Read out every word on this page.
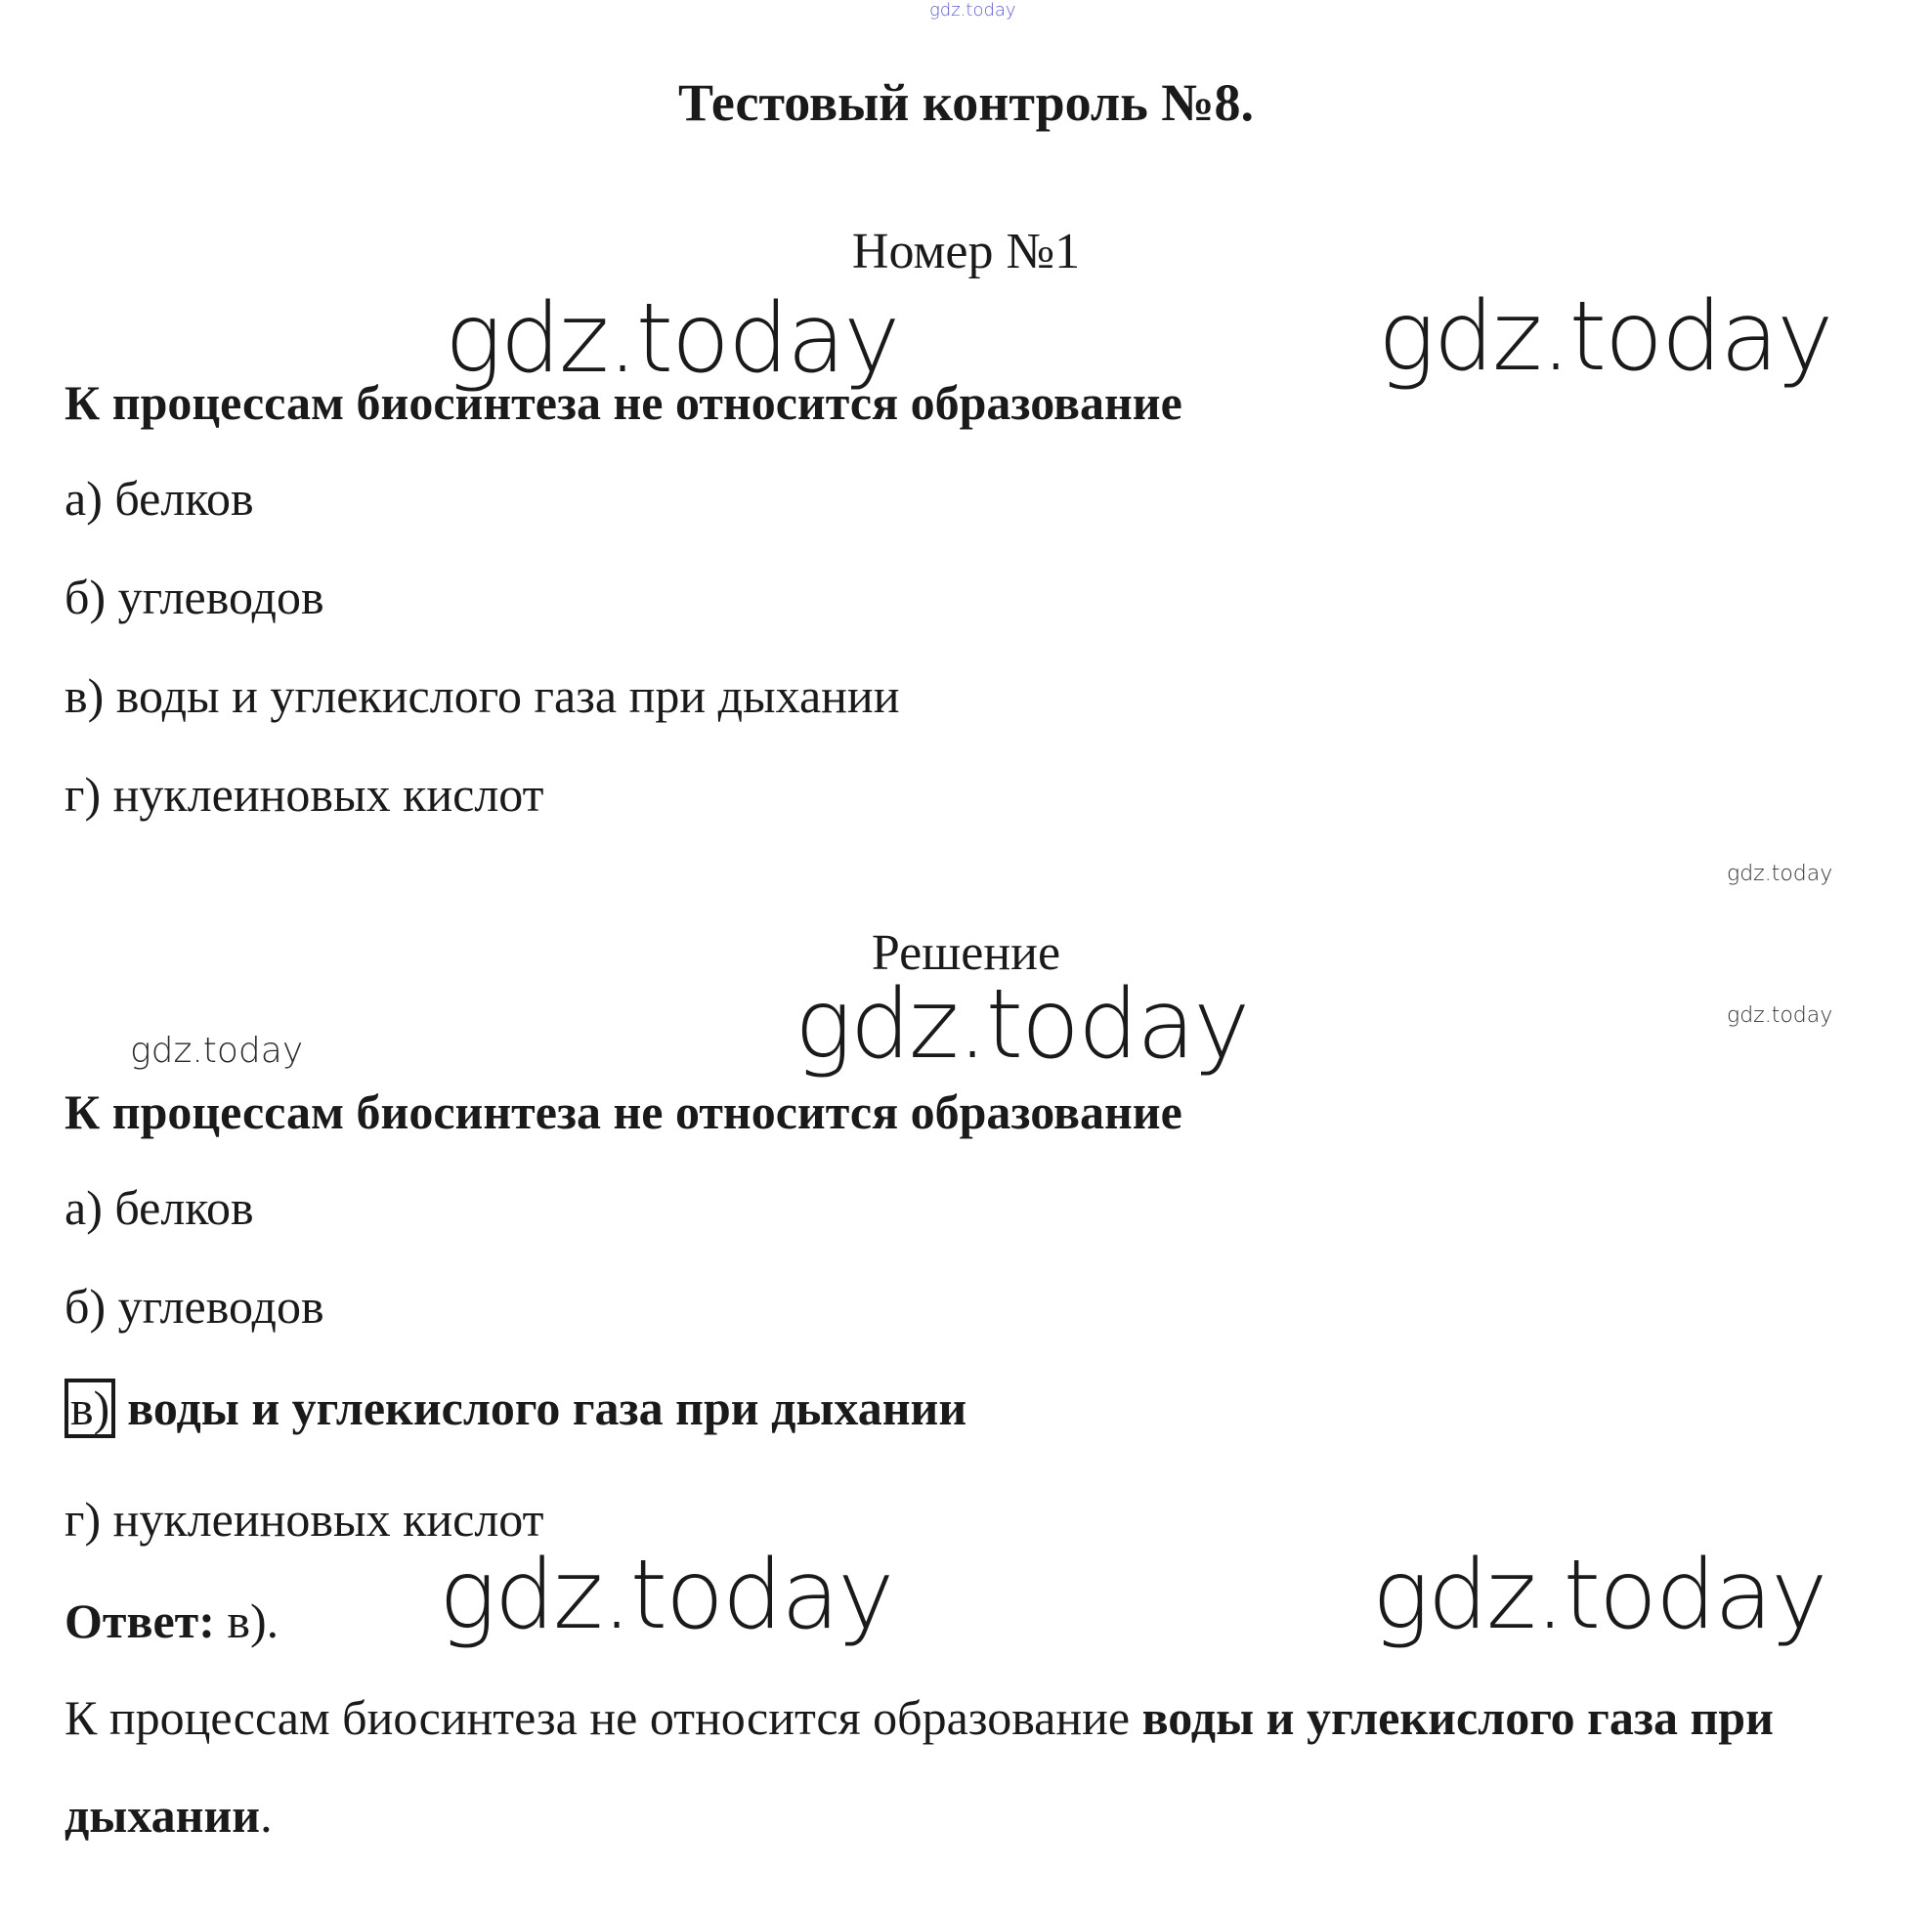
gdz.today
Тестовый контроль №8.
Номер №1
gdz.today	gdz.today
К процессам биосинтеза не относится образование
а) белков
б) углеводов
в) воды и углекислого газа при дыхании
г) нуклеиновых кислот
gdz.today
Решение
gdz.today	gdz.today
gdz.today
К процессам биосинтеза не относится образование
а) белков
б) углеводов
в) воды и углекислого газа при дыхании
г) нуклеиновых кислот
gdz.today	gdz.today
Ответ: в).
К процессам биосинтеза не относится образование воды и углекислого газа при дыхании.
